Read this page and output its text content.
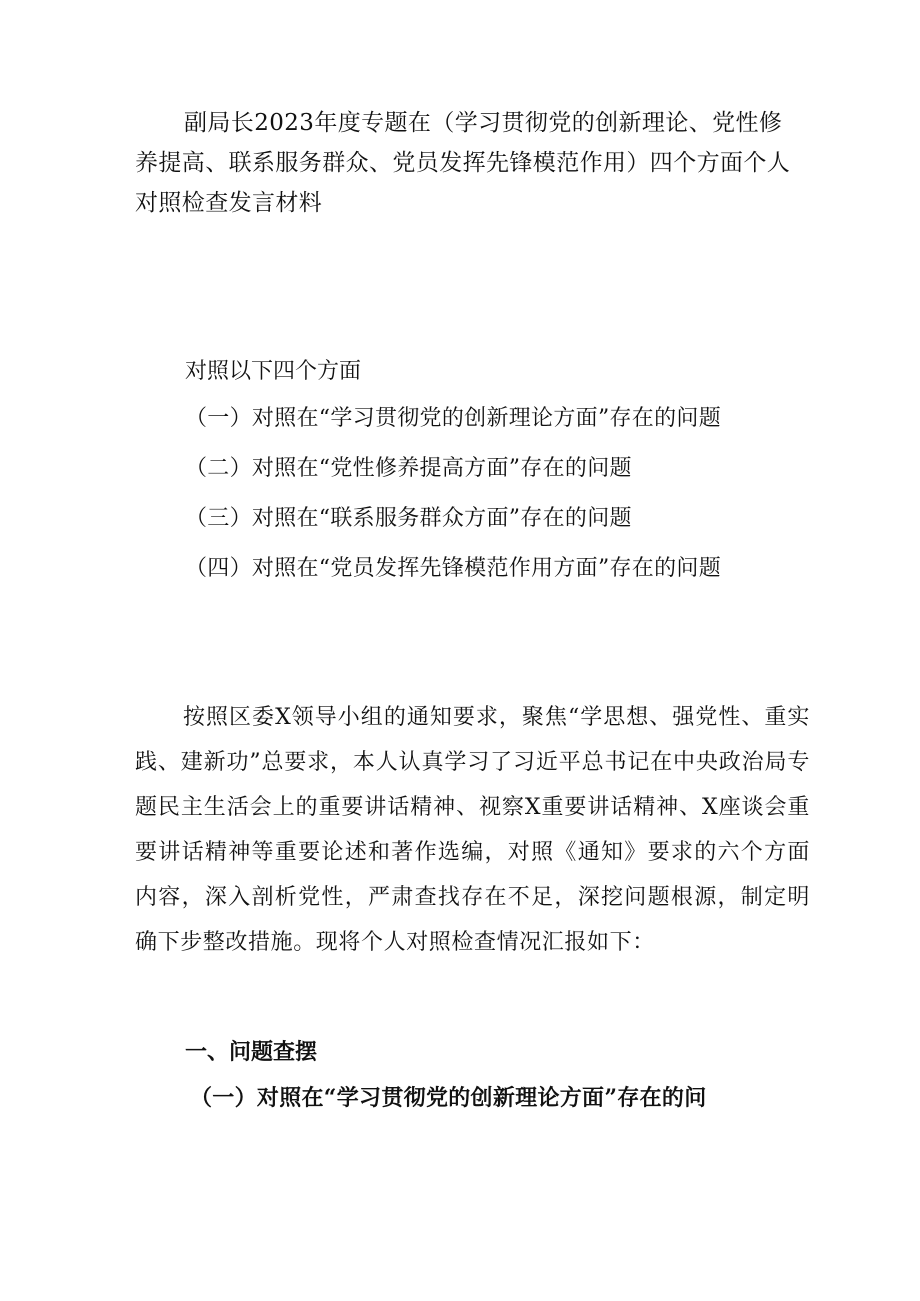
副局长2023年度专题在（学习贯彻党的创新理论、党性修养提高、联系服务群众、党员发挥先锋模范作用）四个方面个人对照检查发言材料

对照以下四个方面

（一）对照在“学习贯彻党的创新理论方面”存在的问题
（二）对照在“党性修养提高方面”存在的问题
（三）对照在“联系服务群众方面”存在的问题
（四）对照在“党员发挥先锋模范作用方面”存在的问题

按照区委X领导小组的通知要求，聚焦“学思想、强党性、重实践、建新功”总要求，本人认真学习了习近平总书记在中央政治局专题民主生活会上的重要讲话精神、视察X重要讲话精神、X座谈会重要讲话精神等重要论述和著作选编，对照《通知》要求的六个方面内容，深入剖析党性，严肃查找存在不足，深挖问题根源，制定明确下步整改措施。现将个人对照检查情况汇报如下：

一、问题查摆

（一）对照在“学习贯彻党的创新理论方面”存在的问
